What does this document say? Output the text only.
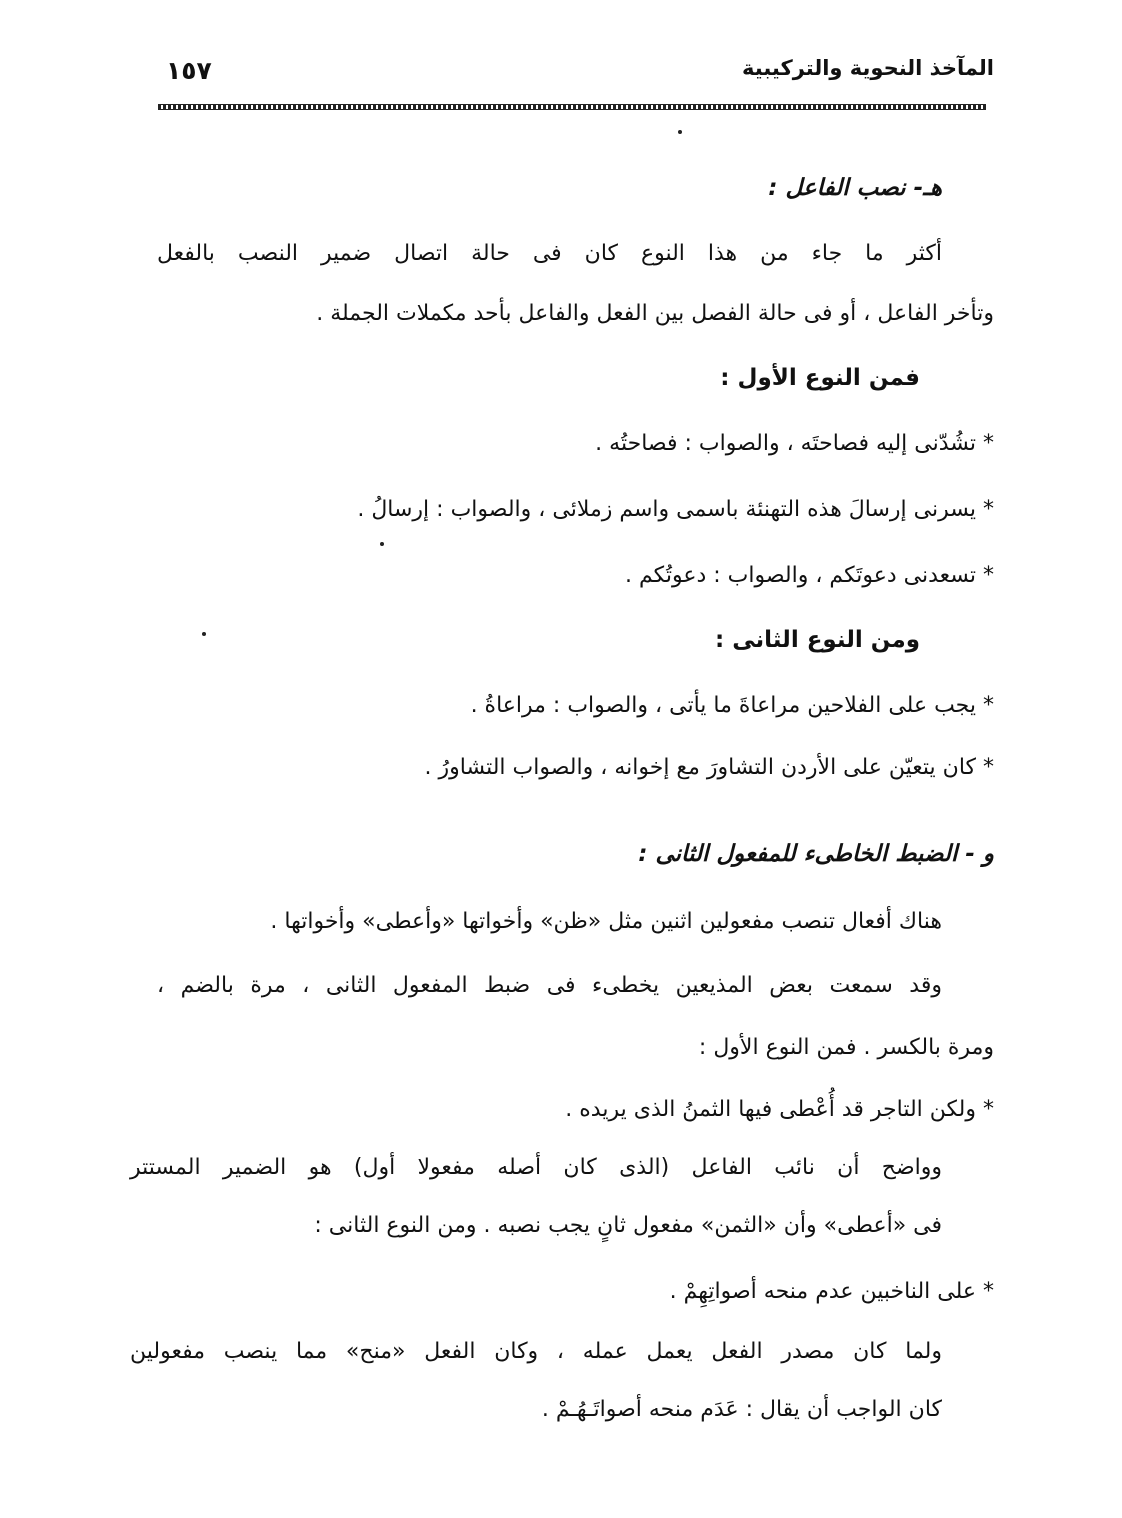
المآخذ النحوية والتركيبية
١٥٧
هـ- نصب الفاعل :
أكثر ما جاء من هذا النوع كان فى حالة اتصال ضمير النصب بالفعل
وتأخر الفاعل ، أو فى حالة الفصل بين الفعل والفاعل بأحد مكملات الجملة .
فمن النوع الأول :
* تشُدّنى إليه فصاحتَه ، والصواب : فصاحتُه .
* يسرنى إرسالَ هذه التهنئة باسمى واسم زملائى ، والصواب : إرسالُ .
* تسعدنى دعوتَكم ، والصواب : دعوتُكم .
ومن النوع الثانى :
* يجب على الفلاحين مراعاةَ ما يأتى ، والصواب : مراعاةُ .
* كان يتعيّن على الأردن التشاورَ مع إخوانه ، والصواب التشاورُ .
و - الضبط الخاطىء للمفعول الثانى :
هناك أفعال تنصب مفعولين اثنين مثل «ظن» وأخواتها «وأعطى» وأخواتها .
وقد سمعت بعض المذيعين يخطىء فى ضبط المفعول الثانى ، مرة بالضم ،
ومرة بالكسر . فمن النوع الأول :
* ولكن التاجر قد أُعْطى فيها الثمنُ الذى يريده .
وواضح أن نائب الفاعل (الذى كان أصله مفعولا أول) هو الضمير المستتر
فى «أعطى» وأن «الثمن» مفعول ثانٍ يجب نصبه . ومن النوع الثانى :
* على الناخبين عدم منحه أصواتِهِمْ .
ولما كان مصدر الفعل يعمل عمله ، وكان الفعل «منح» مما ينصب مفعولين
كان الواجب أن يقال : عَدَم منحه أصواتَـهُـمْ .
